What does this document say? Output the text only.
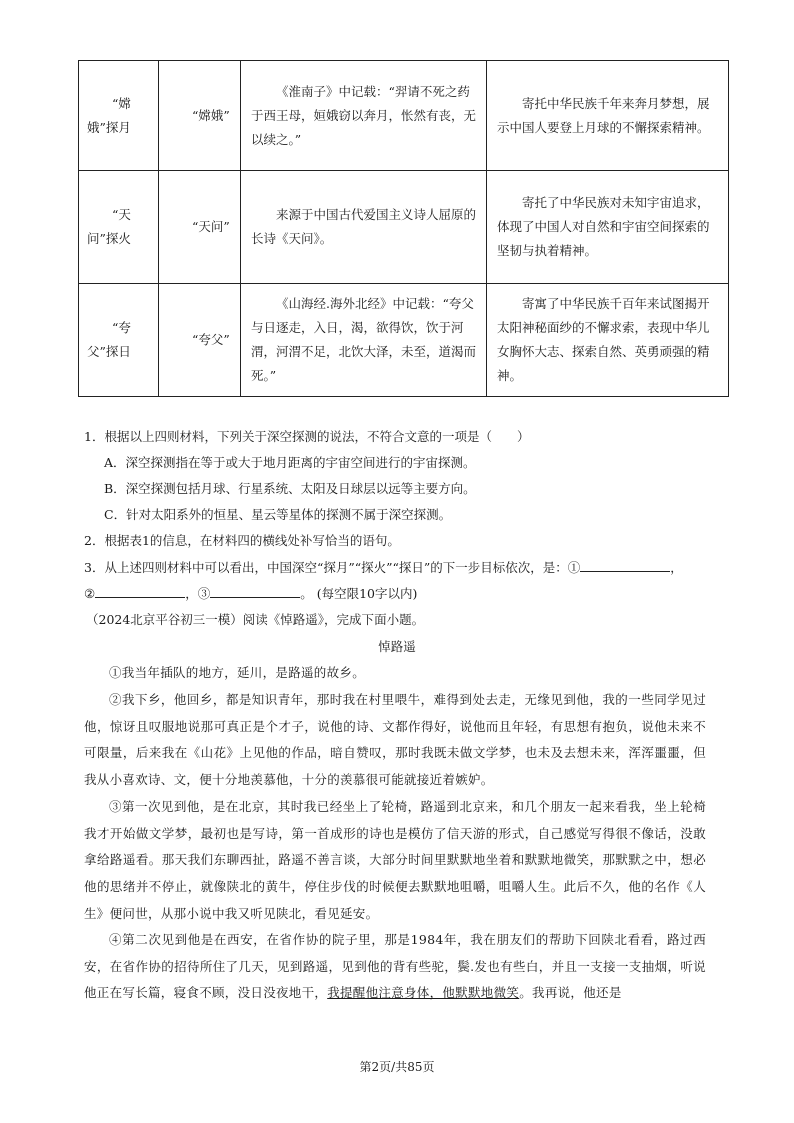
“嫦娥”探月	“嫦娥”	《淮南子》中记载：“羿请不死之药于西王母，姮娥窃以奔月，怅然有丧，无以续之。”	寄托中华民族千年来奔月梦想，展示中国人要登上月球的不懈探索精神。

“天问”探火	“天问”	来源于中国古代爱国主义诗人屈原的长诗《天问》。	寄托了中华民族对未知宇宙追求，体现了中国人对自然和宇宙空间探索的坚韧与执着精神。

“夸父”探日	“夸父”	《山海经.海外北经》中记载：“夸父与日逐走，入日，渴，欲得饮，饮于河渭，河渭不足，北饮大泽，未至，道渴而死。”	寄寓了中华民族千百年来试图揭开太阳神秘面纱的不懈求索，表现中华儿女胸怀大志、探索自然、英勇顽强的精神。
1．根据以上四则材料，下列关于深空探测的说法，不符合文意的一项是（　　）
A．深空探测指在等于或大于地月距离的宇宙空间进行的宇宙探测。
B．深空探测包括月球、行星系统、太阳及日球层以远等主要方向。
C．针对太阳系外的恒星、星云等星体的探测不属于深空探测。
2．根据表1的信息，在材料四的横线处补写恰当的语句。
3．从上述四则材料中可以看出，中国深空“探月”“探火”“探日”的下一步目标依次，是：①	，
②	，③	。 (每空限10字以内)
（2024北京平谷初三一模）阅读《悼路遥》，完成下面小题。
悼路遥
①我当年插队的地方，延川，是路遥的故乡。
②我下乡，他回乡，都是知识青年，那时我在村里喂牛，难得到处去走，无缘见到他，我的一些同学见过他，惊讶且叹服地说那可真正是个才子，说他的诗、文都作得好，说他而且年轻，有思想有抱负，说他未来不可限量，后来我在《山花》上见他的作品，暗自赞叹，那时我既未做文学梦，也未及去想未来，浑浑噩噩，但我从小喜欢诗、文，便十分地羡慕他，十分的羡慕很可能就接近着嫉妒。
③第一次见到他，是在北京，其时我已经坐上了轮椅，路遥到北京来，和几个朋友一起来看我，坐上轮椅我才开始做文学梦，最初也是写诗，第一首成形的诗也是模仿了信天游的形式，自己感觉写得很不像话，没敢拿给路遥看。那天我们东聊西扯，路遥不善言谈，大部分时间里默默地坐着和默默地微笑，那默默之中，想必他的思绪并不停止，就像陕北的黄牛，停住步伐的时候便去默默地咀嚼，咀嚼人生。此后不久，他的名作《人生》便问世，从那小说中我又听见陕北，看见延安。
④第二次见到他是在西安，在省作协的院子里，那是1984年，我在朋友们的帮助下回陕北看看，路过西安，在省作协的招待所住了几天，见到路遥，见到他的背有些驼，鬓.发也有些白，并且一支接一支抽烟，听说他正在写长篇，寝食不顾，没日没夜地干，我提醒他注意身体，他默默地微笑。我再说，他还是
第2页/共85页
